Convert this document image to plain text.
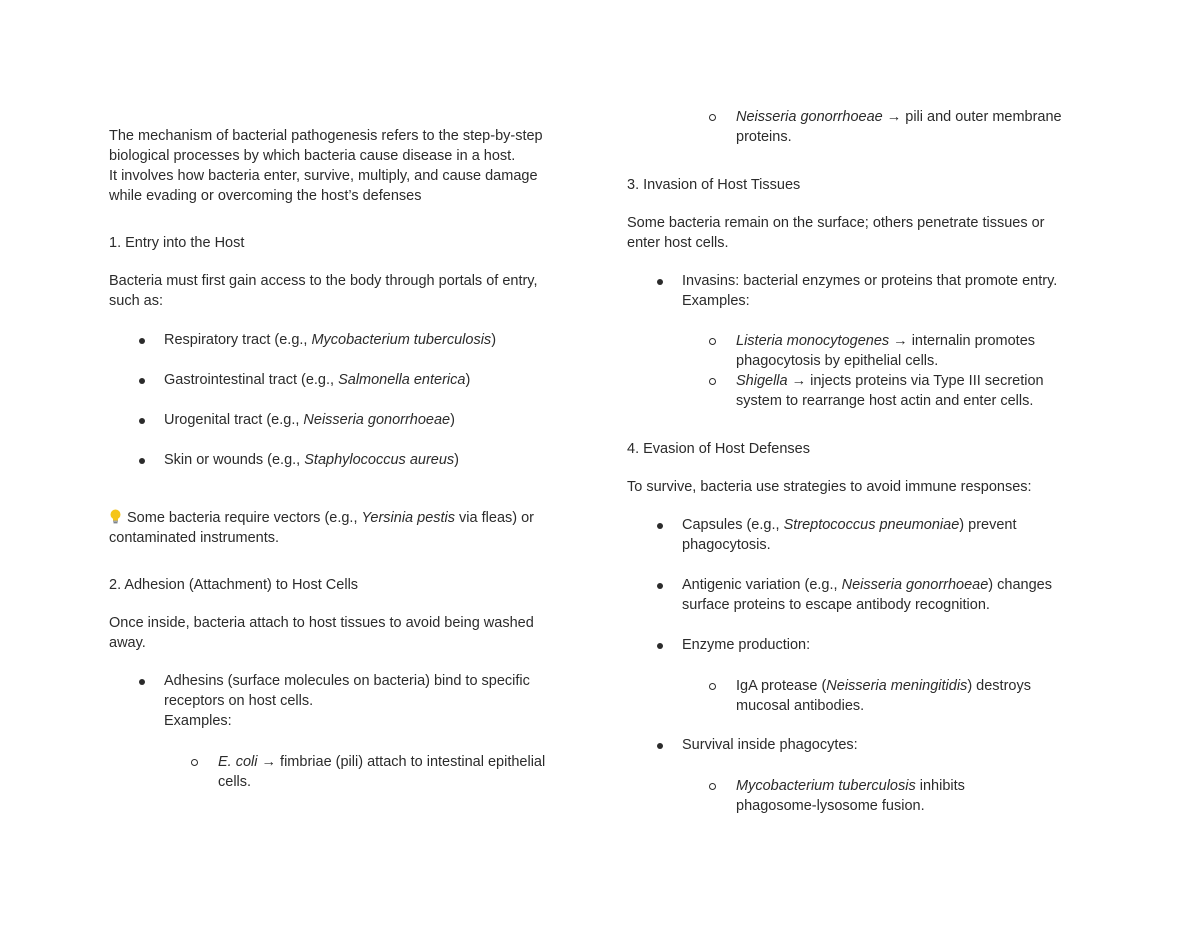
The mechanism of bacterial pathogenesis refers to the step-by-step
biological processes by which bacteria cause disease in a host.
It involves how bacteria enter, survive, multiply, and cause damage
while evading or overcoming the host’s defenses
1. Entry into the Host
Bacteria must first gain access to the body through portals of entry,
such as:
Respiratory tract (e.g., Mycobacterium tuberculosis)
Gastrointestinal tract (e.g., Salmonella enterica)
Urogenital tract (e.g., Neisseria gonorrhoeae)
Skin or wounds (e.g., Staphylococcus aureus)
Some bacteria require vectors (e.g., Yersinia pestis via fleas) or
contaminated instruments.
2. Adhesion (Attachment) to Host Cells
Once inside, bacteria attach to host tissues to avoid being washed
away.
Adhesins (surface molecules on bacteria) bind to specific
receptors on host cells.
Examples:
E. coli → fimbriae (pili) attach to intestinal epithelial
cells.
Neisseria gonorrhoeae → pili and outer membrane
proteins.
3. Invasion of Host Tissues
Some bacteria remain on the surface; others penetrate tissues or
enter host cells.
Invasins: bacterial enzymes or proteins that promote entry.
Examples:
Listeria monocytogenes → internalin promotes
phagocytosis by epithelial cells.
Shigella → injects proteins via Type III secretion
system to rearrange host actin and enter cells.
4. Evasion of Host Defenses
To survive, bacteria use strategies to avoid immune responses:
Capsules (e.g., Streptococcus pneumoniae) prevent
phagocytosis.
Antigenic variation (e.g., Neisseria gonorrhoeae) changes
surface proteins to escape antibody recognition.
Enzyme production:
IgA protease (Neisseria meningitidis) destroys
mucosal antibodies.
Survival inside phagocytes:
Mycobacterium tuberculosis inhibits
phagosome-lysosome fusion.
